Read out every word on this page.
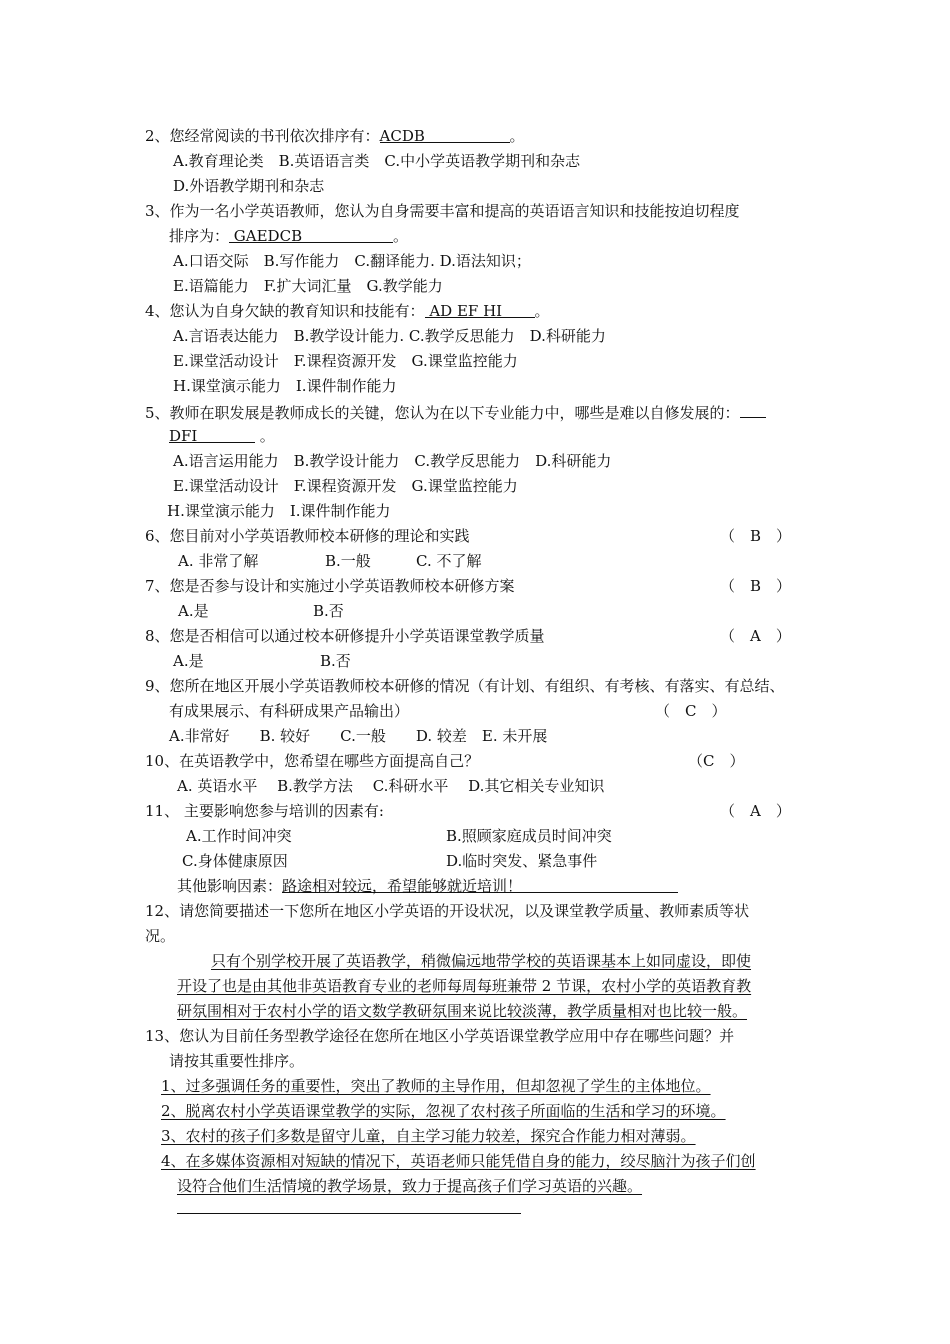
2、您经常阅读的书刊依次排序有：ACDB	。
A.教育理论类　B.英语语言类　C.中小学英语教学期刊和杂志
D.外语教学期刊和杂志
3、作为一名小学英语教师，您认为自身需要丰富和提高的英语语言知识和技能按迫切程度
排序为： GAEDCB	。
A.口语交际　B.写作能力　C.翻译能力. D.语法知识；
E.语篇能力　F.扩大词汇量　G.教学能力
4、您认为自身欠缺的教育知识和技能有： AD EF HI 。
A.言语表达能力　B.教学设计能力. C.教学反思能力　D.科研能力
E.课堂活动设计　F.课程资源开发　G.课堂监控能力
H.课堂演示能力　I.课件制作能力
5、教师在职发展是教师成长的关键，您认为在以下专业能力中，哪些是难以自修发展的：
DFI	。
A.语言运用能力　B.教学设计能力　C.教学反思能力　D.科研能力
E.课堂活动设计　F.课程资源开发　G.课堂监控能力
H.课堂演示能力　I.课件制作能力
6、您目前对小学英语教师校本研修的理论和实践	（　B　）
A. 非常了解	B.一般	C. 不了解
7、您是否参与设计和实施过小学英语教师校本研修方案	（　B　）
A.是	B.否
8、您是否相信可以通过校本研修提升小学英语课堂教学质量	（　A　）
A.是	B.否
9、您所在地区开展小学英语教师校本研修的情况（有计划、有组织、有考核、有落实、有总结、
有成果展示、有科研成果产品输出）	（　C　）
A.非常好　　B. 较好　　C.一般　　D. 较差　E. 未开展
10、在英语教学中，您希望在哪些方面提高自己？	（C　）
A. 英语水平　 B.教学方法　 C.科研水平　 D.其它相关专业知识
11、 主要影响您参与培训的因素有:	（　A　）
A.工作时间冲突	B.照顾家庭成员时间冲突
C.身体健康原因	D.临时突发、紧急事件
其他影响因素：路途相对较远，希望能够就近培训！
12、请您简要描述一下您所在地区小学英语的开设状况，以及课堂教学质量、教师素质等状
况。
只有个别学校开展了英语教学，稍微偏远地带学校的英语课基本上如同虚设，即使
开设了也是由其他非英语教育专业的老师每周每班兼带 2 节课，农村小学的英语教育教
研氛围相对于农村小学的语文数学教研氛围来说比较淡薄，教学质量相对也比较一般。
13、您认为目前任务型教学途径在您所在地区小学英语课堂教学应用中存在哪些问题？并
请按其重要性排序。
1、过多强调任务的重要性，突出了教师的主导作用，但却忽视了学生的主体地位。
2、脱离农村小学英语课堂教学的实际，忽视了农村孩子所面临的生活和学习的环境。
3、农村的孩子们多数是留守儿童，自主学习能力较差，探究合作能力相对薄弱。
4、在多媒体资源相对短缺的情况下，英语老师只能凭借自身的能力，绞尽脑汁为孩子们创
设符合他们生活情境的教学场景，致力于提高孩子们学习英语的兴趣。
